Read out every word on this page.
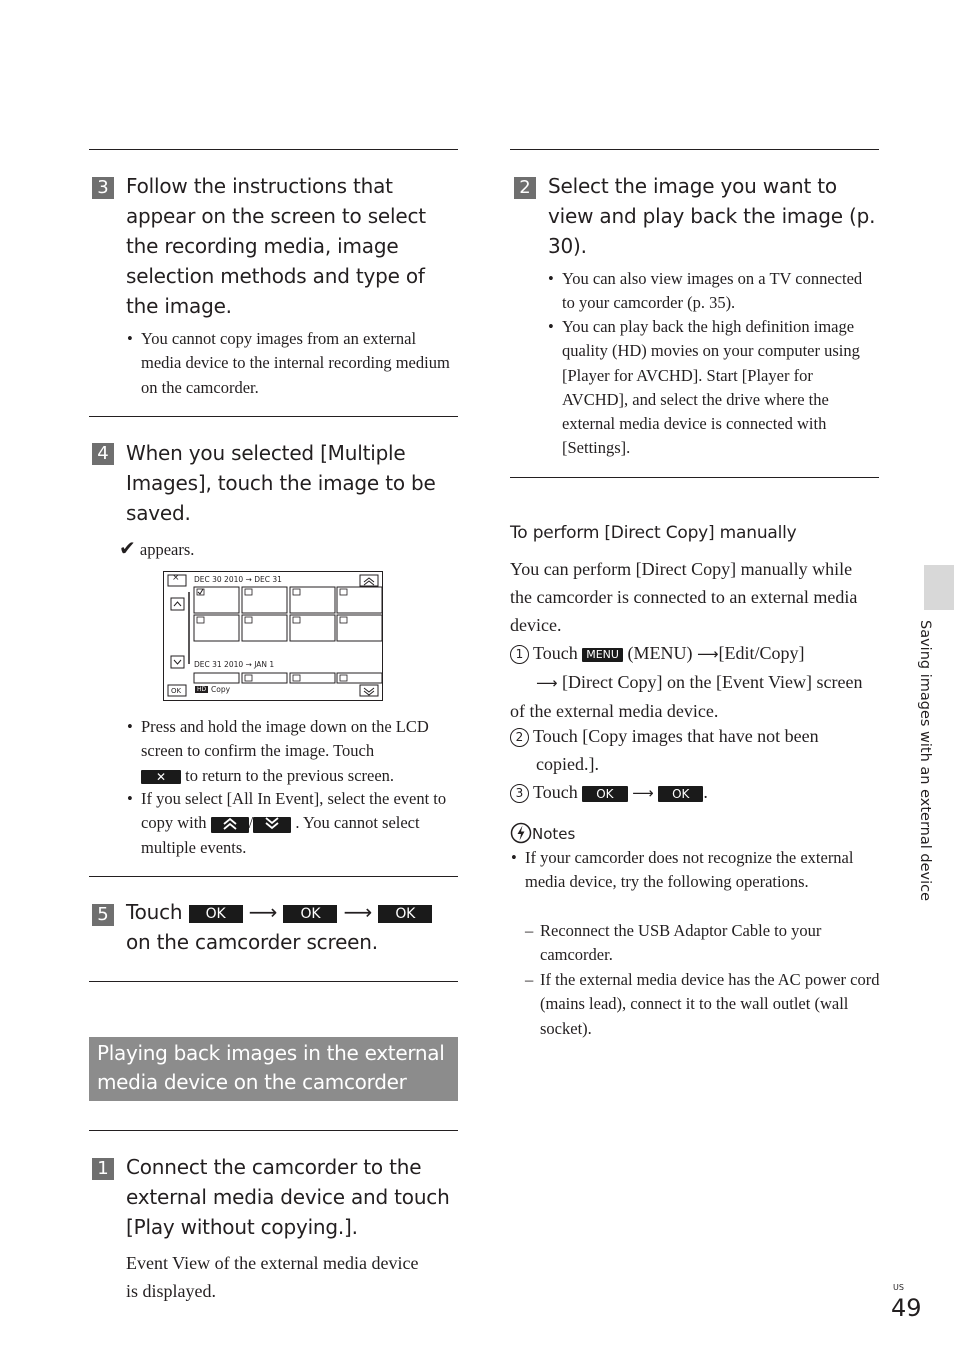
3 Follow the instructions that appear on the screen to select the recording media, image selection methods and type of the image.
• You cannot copy images from an external media device to the internal recording medium on the camcorder.
4 When you selected [Multiple Images], touch the image to be saved.
✔ appears.
× DEC 30 2010 → DEC 31
DEC 31 2010 → JAN 1
OK	HD Copy
• Press and hold the image down on the LCD screen to confirm the image. Touch
✕ to return to the previous screen.
• If you select [All In Event], select the event to copy with	/	. You cannot select multiple events.
5 Touch OK ⟶ OK ⟶ OK
on the camcorder screen.
Playing back images in the external
media device on the camcorder
1 Connect the camcorder to the external media device and touch [Play without copying.].
Event View of the external media device is displayed.
2 Select the image you want to view and play back the image (p. 30).
• You can also view images on a TV connected to your camcorder (p. 35).
• You can play back the high definition image quality (HD) movies on your computer using [Player for AVCHD]. Start [Player for AVCHD], and select the drive where the external media device is connected with [Settings].
To perform [Direct Copy] manually
You can perform [Direct Copy] manually while the camcorder is connected to an external media device.
1 Touch MENU (MENU) ⟶[Edit/Copy]
⟶ [Direct Copy] on the [Event View] screen of the external media device.
2 Touch [Copy images that have not been copied.].
3 Touch OK ⟶ OK .
Notes
• If your camcorder does not recognize the external media device, try the following operations.
– Reconnect the USB Adaptor Cable to your camcorder.
– If the external media device has the AC power cord (mains lead), connect it to the wall outlet (wall socket).
Saving images with an external device
US
49
